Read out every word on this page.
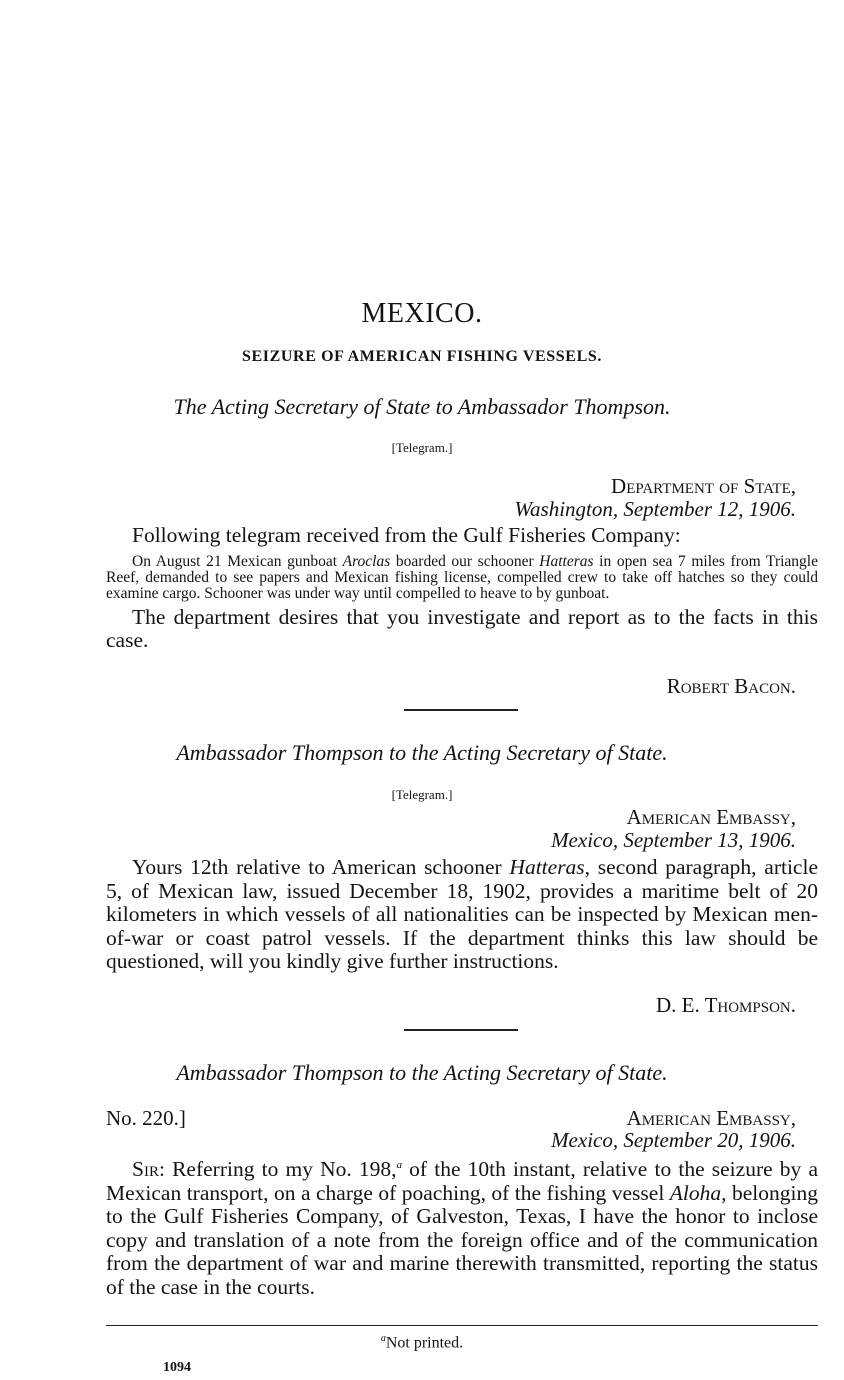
MEXICO.
SEIZURE OF AMERICAN FISHING VESSELS.
The Acting Secretary of State to Ambassador Thompson.
[Telegram.]
Department of State,
Washington, September 12, 1906.

Following telegram received from the Gulf Fisheries Company:

On August 21 Mexican gunboat Aroclas boarded our schooner Hatteras in open sea 7 miles from Triangle Reef, demanded to see papers and Mexican fishing license, compelled crew to take off hatches so they could examine cargo. Schooner was under way until compelled to heave to by gunboat.

The department desires that you investigate and report as to the facts in this case.

Robert Bacon.
Ambassador Thompson to the Acting Secretary of State.
[Telegram.]
American Embassy,
Mexico, September 13, 1906.

Yours 12th relative to American schooner Hatteras, second paragraph, article 5, of Mexican law, issued December 18, 1902, provides a maritime belt of 20 kilometers in which vessels of all nationalities can be inspected by Mexican men-of-war or coast patrol vessels. If the department thinks this law should be questioned, will you kindly give further instructions.

D. E. Thompson.
Ambassador Thompson to the Acting Secretary of State.
No. 220.]	American Embassy,
Mexico, September 20, 1906.

Sir: Referring to my No. 198,$^a$ of the 10th instant, relative to the seizure by a Mexican transport, on a charge of poaching, of the fishing vessel Aloha, belonging to the Gulf Fisheries Company, of Galveston, Texas, I have the honor to inclose copy and translation of a note from the foreign office and of the communication from the department of war and marine therewith transmitted, reporting the status of the case in the courts.

$^a$Not printed.
1094
